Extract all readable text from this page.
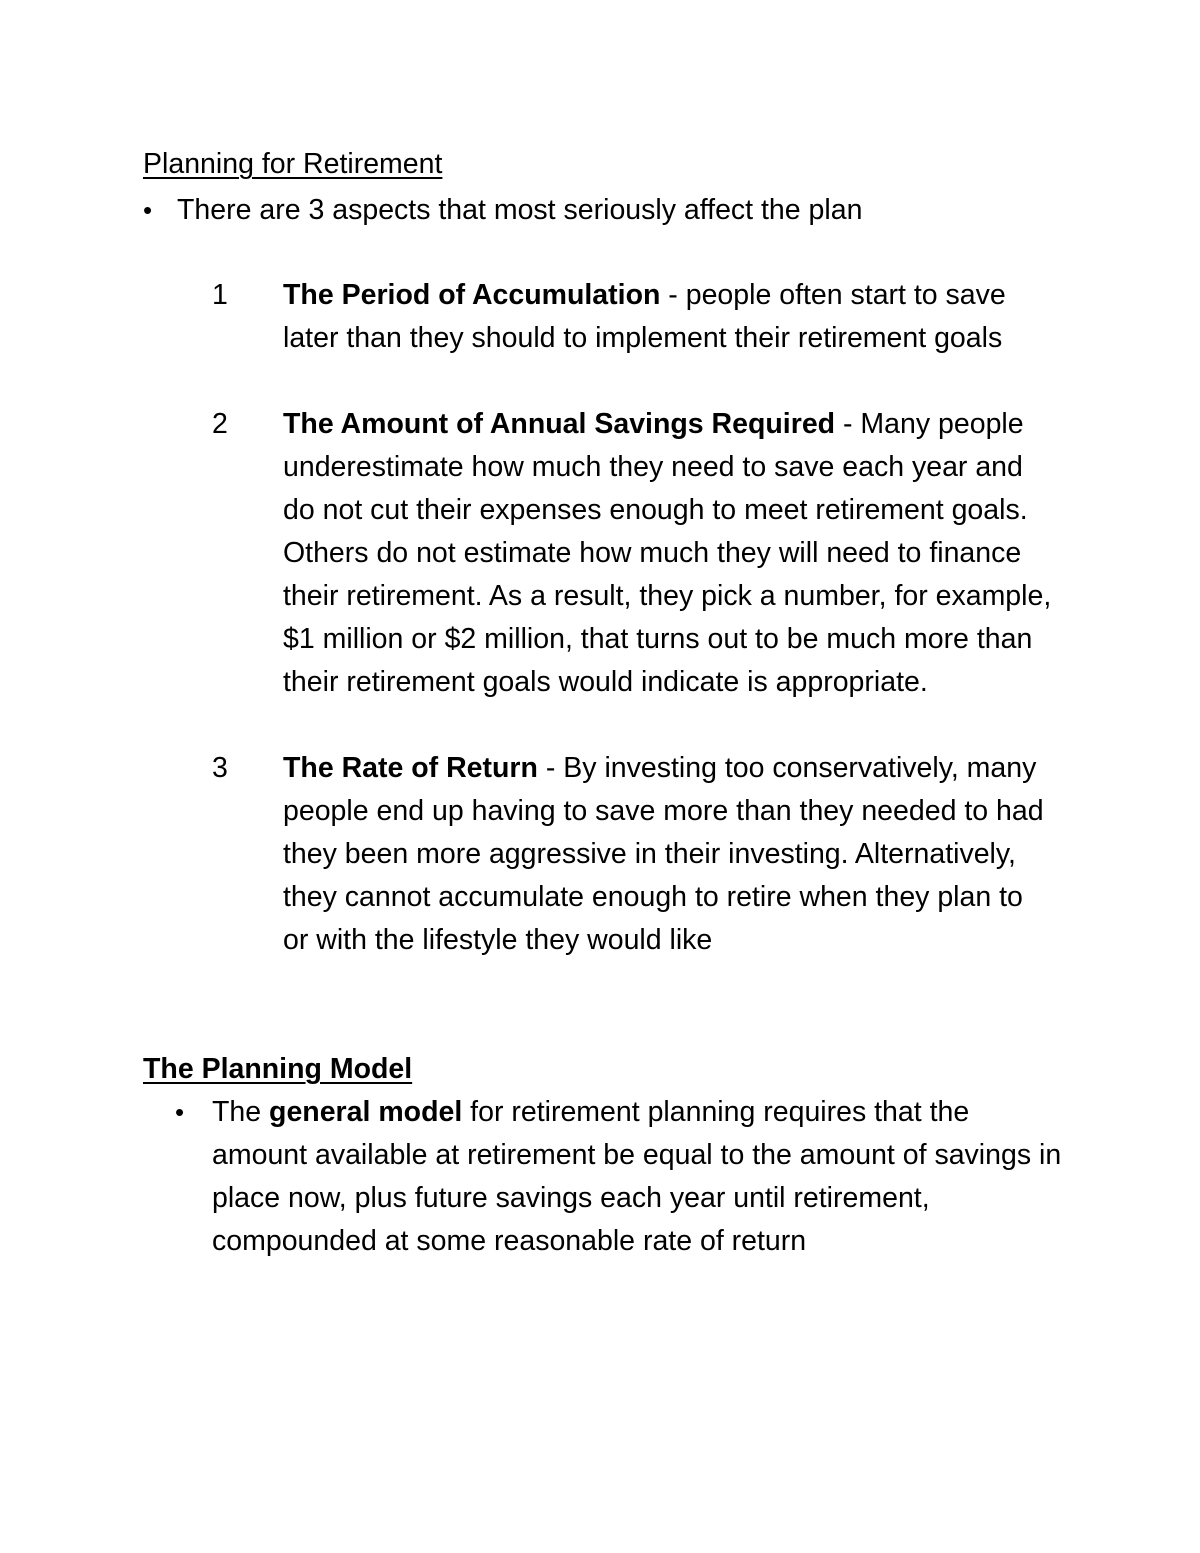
Planning for Retirement
• There are 3 aspects that most seriously affect the plan
1	The Period of Accumulation - people often start to save later than they should to implement their retirement goals
2	The Amount of Annual Savings Required - Many people underestimate how much they need to save each year and do not cut their expenses enough to meet retirement goals. Others do not estimate how much they will need to finance their retirement. As a result, they pick a number, for example, $1 million or $2 million, that turns out to be much more than their retirement goals would indicate is appropriate.
3	The Rate of Return - By investing too conservatively, many people end up having to save more than they needed to had they been more aggressive in their investing. Alternatively, they cannot accumulate enough to retire when they plan to or with the lifestyle they would like
The Planning Model
• The general model for retirement planning requires that the amount available at retirement be equal to the amount of savings in place now, plus future savings each year until retirement, compounded at some reasonable rate of return
